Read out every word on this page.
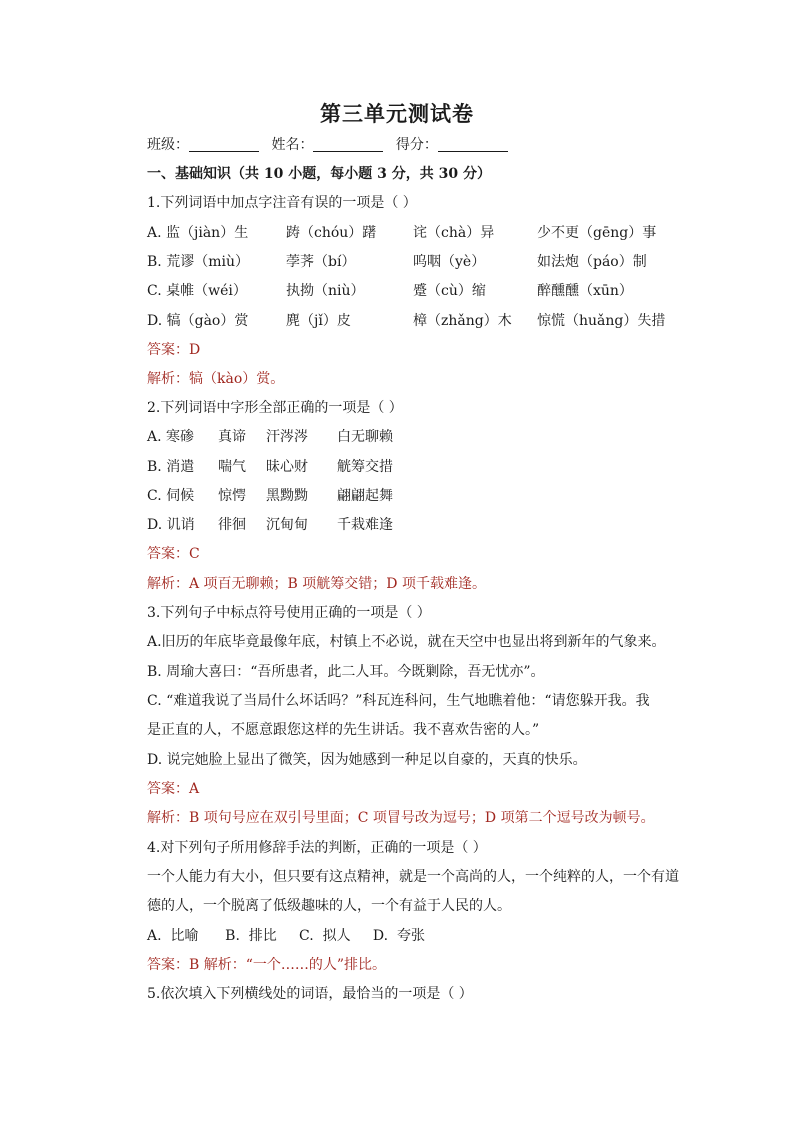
第三单元测试卷
班级：	姓名：	得分：
一、基础知识（共 10 小题，每小题 3 分，共 30 分）
1.下列词语中加点字注音有误的一项是（ ）
A. 监（jiàn）生	踌（chóu）躇	诧（chà）异	少不更（gēng）事
B. 荒谬（miù）	荸荠（bí）	呜咽（yè）	如法炮（páo）制
C. 桌帷（wéi）	执拗（niù）	蹙（cù）缩	醉醺醺（xūn）
D. 犒（gào）赏	麂（jǐ）皮	樟（zhǎng）木 惊慌（huǎng）失措
答案：D
解析：犒（kào）赏。
2.下列词语中字形全部正确的一项是（ ）
A. 寒碜 真谛 汗涔涔 白无聊赖
B. 消遣 喘气 昧心财 觥筹交措
C. 伺候 惊愕 黑黝黝 翩翩起舞
D. 讥诮 徘徊 沉甸甸 千栽难逢
答案：C
解析：A 项百无聊赖；B 项觥筹交错；D 项千载难逢。
3.下列句子中标点符号使用正确的一项是（ ）
A.旧历的年底毕竟最像年底，村镇上不必说，就在天空中也显出将到新年的气象来。
B. 周瑜大喜曰：“吾所患者，此二人耳。今既剿除，吾无忧亦”。
C. “难道我说了当局什么坏话吗？”科瓦连科问，生气地瞧着他：“请您躲开我。我
是正直的人，不愿意跟您这样的先生讲话。我不喜欢告密的人。”
D. 说完她脸上显出了微笑，因为她感到一种足以自豪的，天真的快乐。
答案：A
解析：B 项句号应在双引号里面；C 项冒号改为逗号；D 项第二个逗号改为顿号。
4.对下列句子所用修辞手法的判断，正确的一项是（ ）
一个人能力有大小，但只要有这点精神，就是一个高尚的人，一个纯粹的人，一个有道
德的人，一个脱离了低级趣味的人，一个有益于人民的人。
A.  比喻      B.  排比     C.  拟人     D.  夸张
答案：B 解析：“一个……的人”排比。
5.依次填入下列横线处的词语，最恰当的一项是（ ）
